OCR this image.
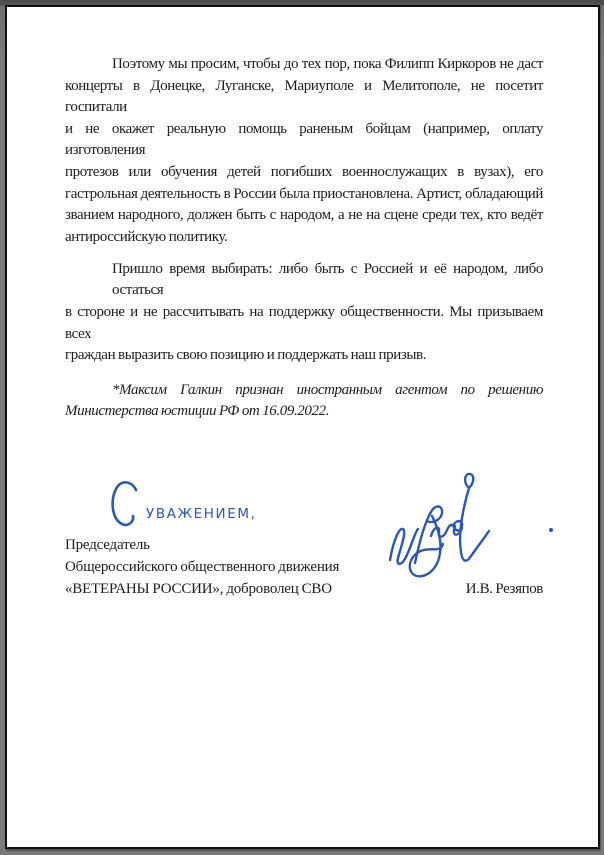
Поэтому мы просим, чтобы до тех пор, пока Филипп Киркоров не даст
концерты в Донецке, Луганске, Мариуполе и Мелитополе, не посетит госпитали
и не окажет реальную помощь раненым бойцам (например, оплату изготовления
протезов или обучения детей погибших военнослужащих в вузах), его
гастрольная деятельность в России была приостановлена. Артист, обладающий
званием народного, должен быть с народом, а не на сцене среди тех, кто ведёт
антироссийскую политику.
Пришло время выбирать: либо быть с Россией и её народом, либо остаться
в стороне и не рассчитывать на поддержку общественности. Мы призываем всех
граждан выразить свою позицию и поддержать наш призыв.
*Максим Галкин признан иностранным агентом по решению
Министерства юстиции РФ от 16.09.2022.
УВАЖЕНИЕМ,
Председатель
Общероссийского общественного движения
«ВЕТЕРАНЫ РОССИИ», доброволец СВО	И.В. Резяпов
